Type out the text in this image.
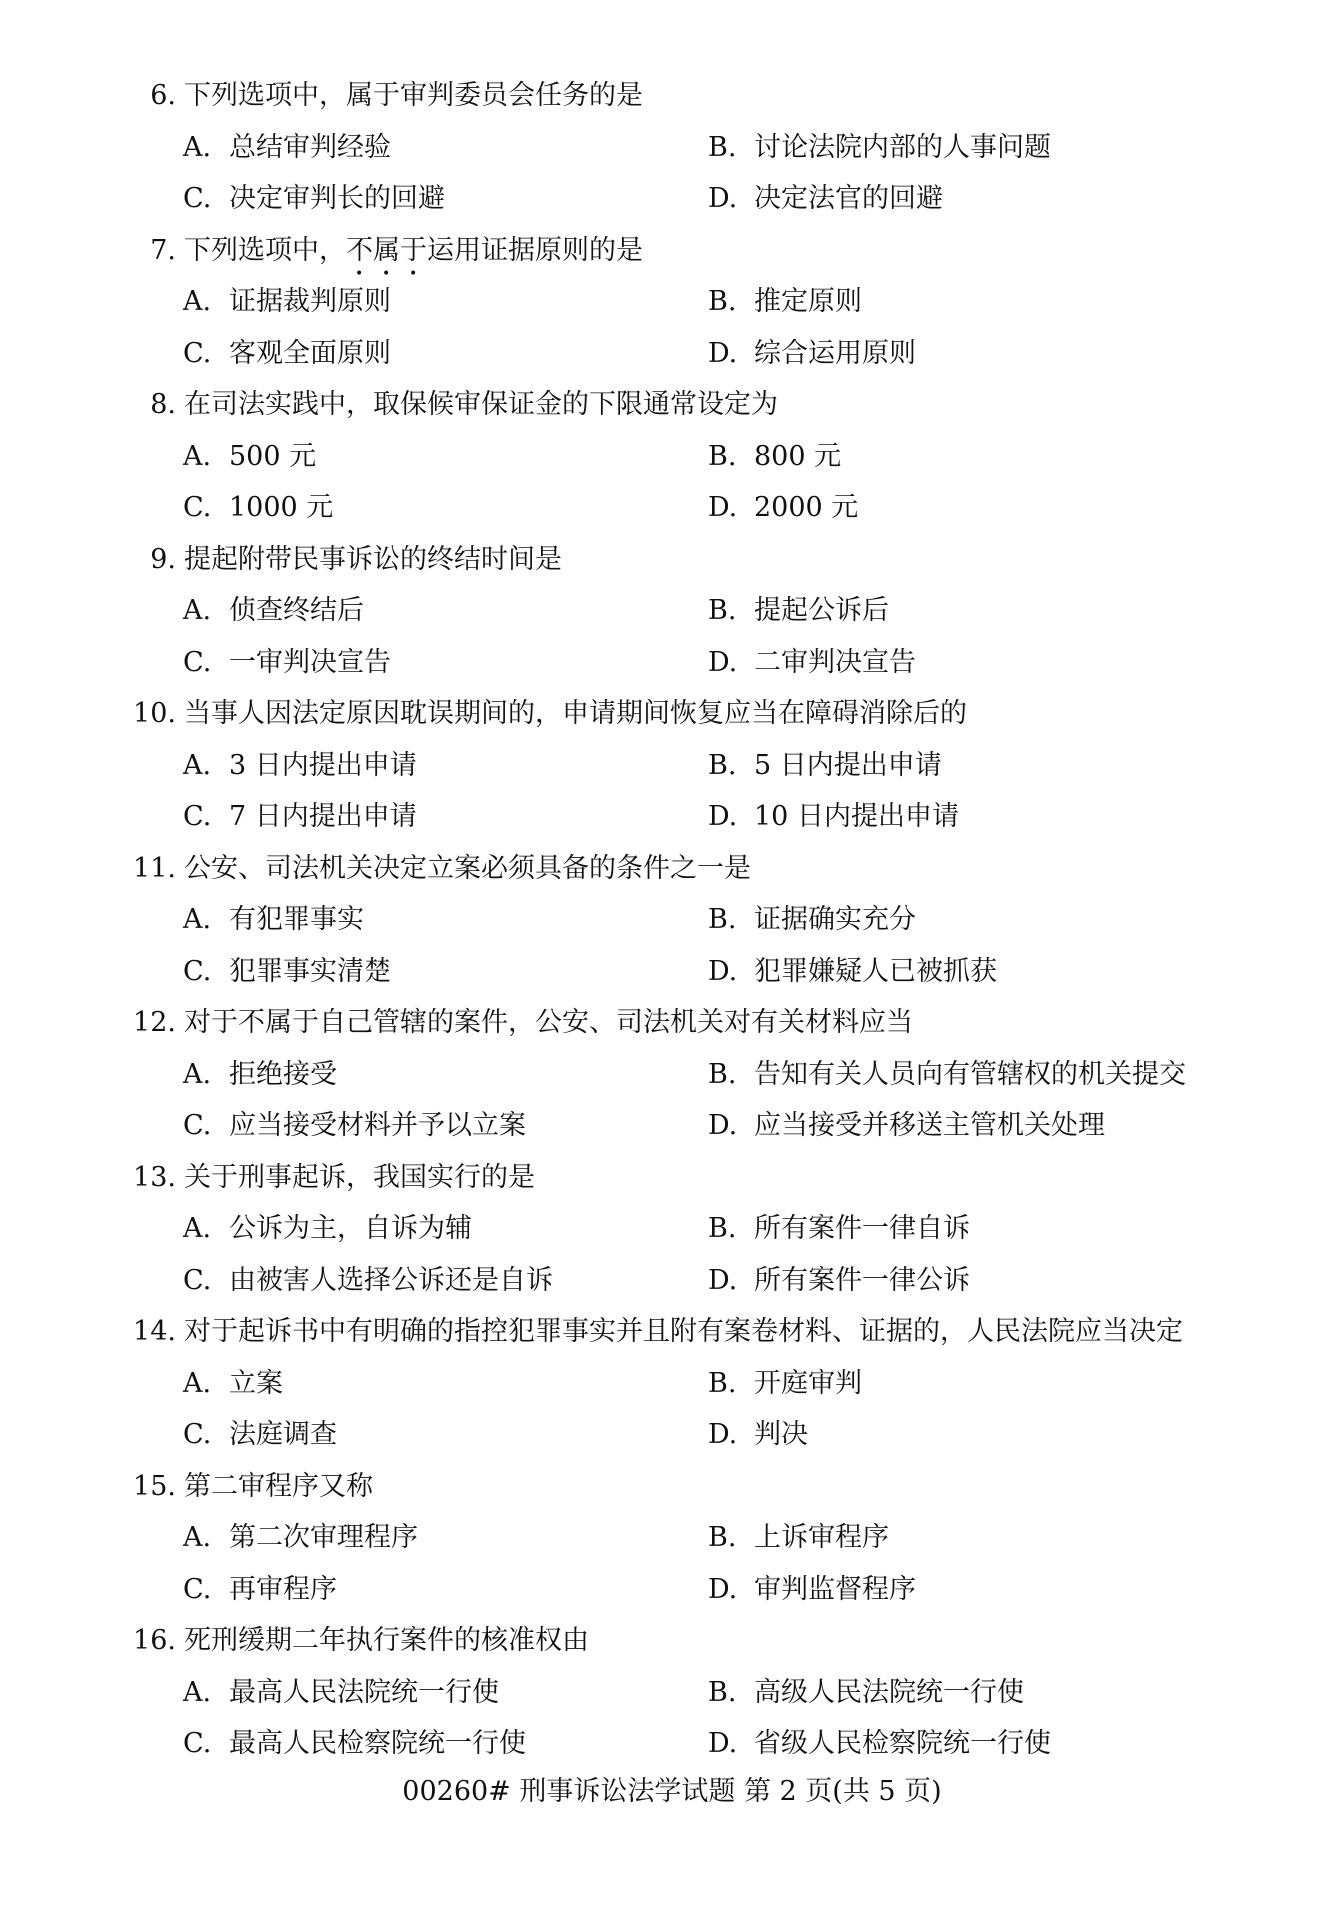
6. 下列选项中，属于审判委员会任务的是
A. 总结审判经验	B. 讨论法院内部的人事问题
C. 决定审判长的回避	D. 决定法官的回避
7. 下列选项中，不属于运用证据原则的是
A. 证据裁判原则	B. 推定原则
C. 客观全面原则	D. 综合运用原则
8. 在司法实践中，取保候审保证金的下限通常设定为
A. 500 元	B. 800 元
C. 1000 元	D. 2000 元
9. 提起附带民事诉讼的终结时间是
A. 侦查终结后	B. 提起公诉后
C. 一审判决宣告	D. 二审判决宣告
10. 当事人因法定原因耽误期间的，申请期间恢复应当在障碍消除后的
A. 3 日内提出申请	B. 5 日内提出申请
C. 7 日内提出申请	D. 10 日内提出申请
11. 公安、司法机关决定立案必须具备的条件之一是
A. 有犯罪事实	B. 证据确实充分
C. 犯罪事实清楚	D. 犯罪嫌疑人已被抓获
12. 对于不属于自己管辖的案件，公安、司法机关对有关材料应当
A. 拒绝接受	B. 告知有关人员向有管辖权的机关提交
C. 应当接受材料并予以立案	D. 应当接受并移送主管机关处理
13. 关于刑事起诉，我国实行的是
A. 公诉为主，自诉为辅	B. 所有案件一律自诉
C. 由被害人选择公诉还是自诉	D. 所有案件一律公诉
14. 对于起诉书中有明确的指控犯罪事实并且附有案卷材料、证据的，人民法院应当决定
A. 立案	B. 开庭审判
C. 法庭调查	D. 判决
15. 第二审程序又称
A. 第二次审理程序	B. 上诉审程序
C. 再审程序	D. 审判监督程序
16. 死刑缓期二年执行案件的核准权由
A. 最高人民法院统一行使	B. 高级人民法院统一行使
C. 最高人民检察院统一行使	D. 省级人民检察院统一行使
00260# 刑事诉讼法学试题 第 2 页(共 5 页)
